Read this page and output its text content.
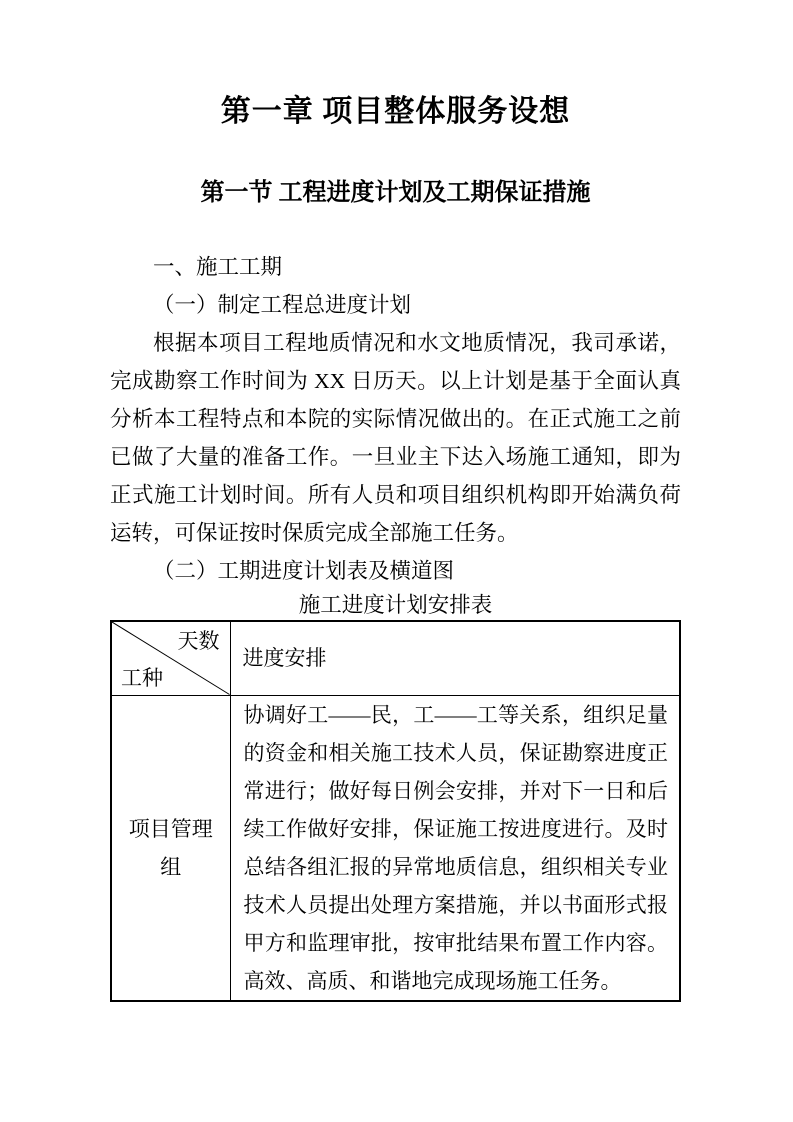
第一章 项目整体服务设想
第一节 工程进度计划及工期保证措施

一、施工工期

（一）制定工程总进度计划

根据本项目工程地质情况和水文地质情况，我司承诺，完成勘察工作时间为 XX 日历天。以上计划是基于全面认真分析本工程特点和本院的实际情况做出的。在正式施工之前已做了大量的准备工作。一旦业主下达入场施工通知，即为正式施工计划时间。所有人员和项目组织机构即开始满负荷运转，可保证按时保质完成全部施工任务。

（二）工期进度计划表及横道图

施工进度计划安排表

天数
工种	进度安排
项目管理组	协调好工——民，工——工等关系，组织足量的资金和相关施工技术人员，保证勘察进度正常进行；做好每日例会安排，并对下一日和后续工作做好安排，保证施工按进度进行。及时总结各组汇报的异常地质信息，组织相关专业技术人员提出处理方案措施，并以书面形式报甲方和监理审批，按审批结果布置工作内容。高效、高质、和谐地完成现场施工任务。
